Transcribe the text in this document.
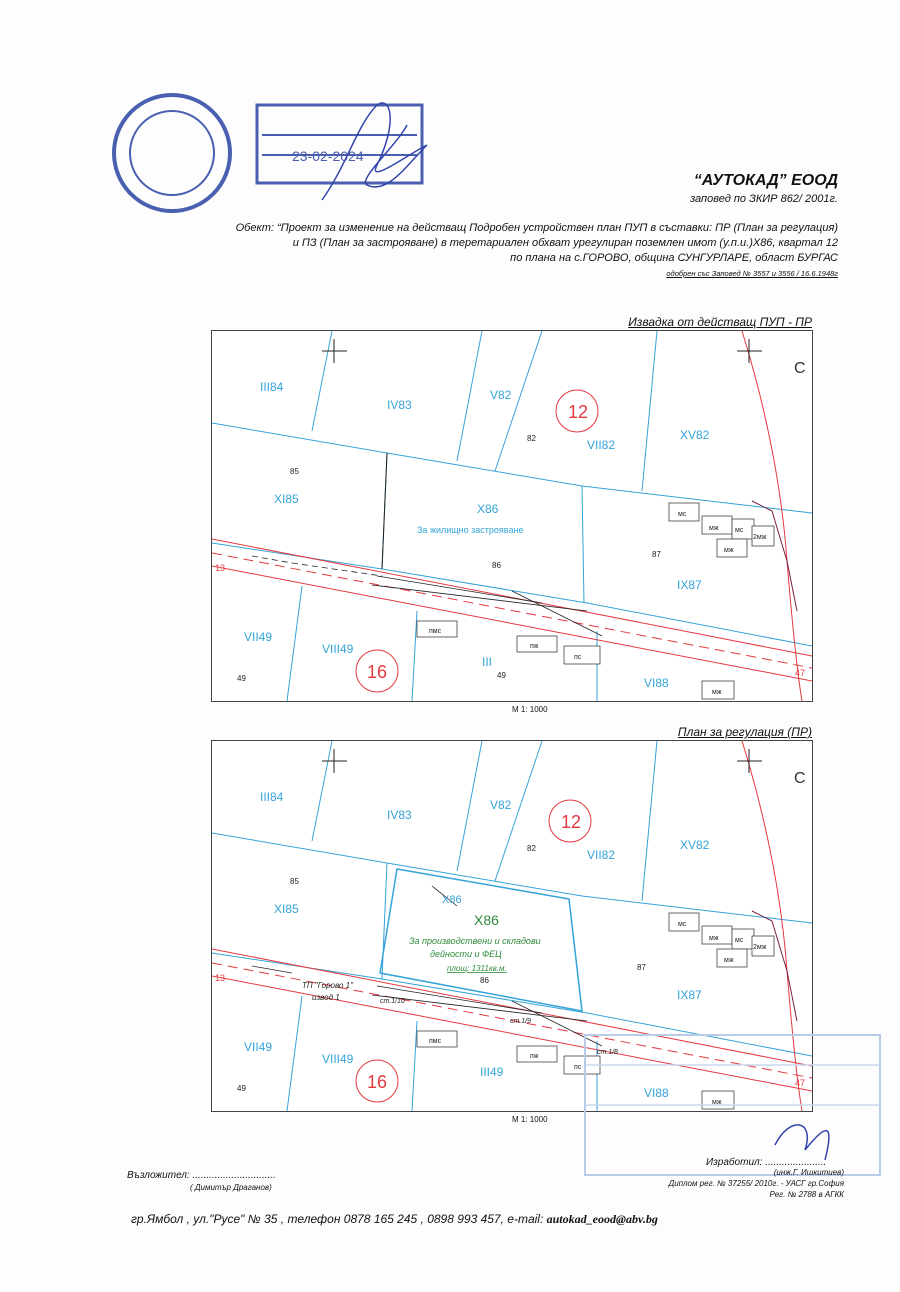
23-02-2024
“АУТОКАД” ЕООД
заповед по ЗКИР 862/ 2001г.
Обект: “Проект за изменение на действащ Подробен устройствен план ПУП в съставки: ПР (План за регулация)
и ПЗ (План за застрояване) в теретариален обхват урегулиран поземлен имот (у.п.и.)Х86, квартал 12
по плана на с.ГОРОВО, община СУНГУРЛАРЕ, област БУРГАС
одобрен със Заповед № 3557 и 3556 / 16.6.1948г
Извадка от действащ ПУП - ПР
III84
IV83
V82
VII82
XV82
XI85
X86
IX87
VII49
VIII49
III
VI88
За жилищно застрояване
82
85
86
87
49	49
мс
мж мс
2мж
мж
пмс
пж
пс
мж
12
16
13
47
С
М 1: 1000
План за регулация (ПР)
III84
IV83
V82
VII82
XV82
XI85
X86
IX87
VII49
VIII49
III49
VI88
X86
За производствени и складови
дейности и ФЕЦ
площ: 1311кв.м.
ТП "Горово 1"
извод 1	ст.1/10
ст.1/9
ст.1/8
82
85
86
87
49
мс
мж мс
2мж
мж
пмс
пж
пс
мж
12
16
13
47
С
М 1: 1000
Възложител: ..............................
( Димитър Драганов)
Изработил: ......................
(инж.Г. Ишкитиев)
Диплом рег. № 37255/ 2010г. - УАСГ гр.София
Рег. № 2788 в АГКК
гр.Ямбол , ул."Русе" № 35 , телефон 0878 165 245 , 0898 993 457, e-mail: autokad_eood@abv.bg
